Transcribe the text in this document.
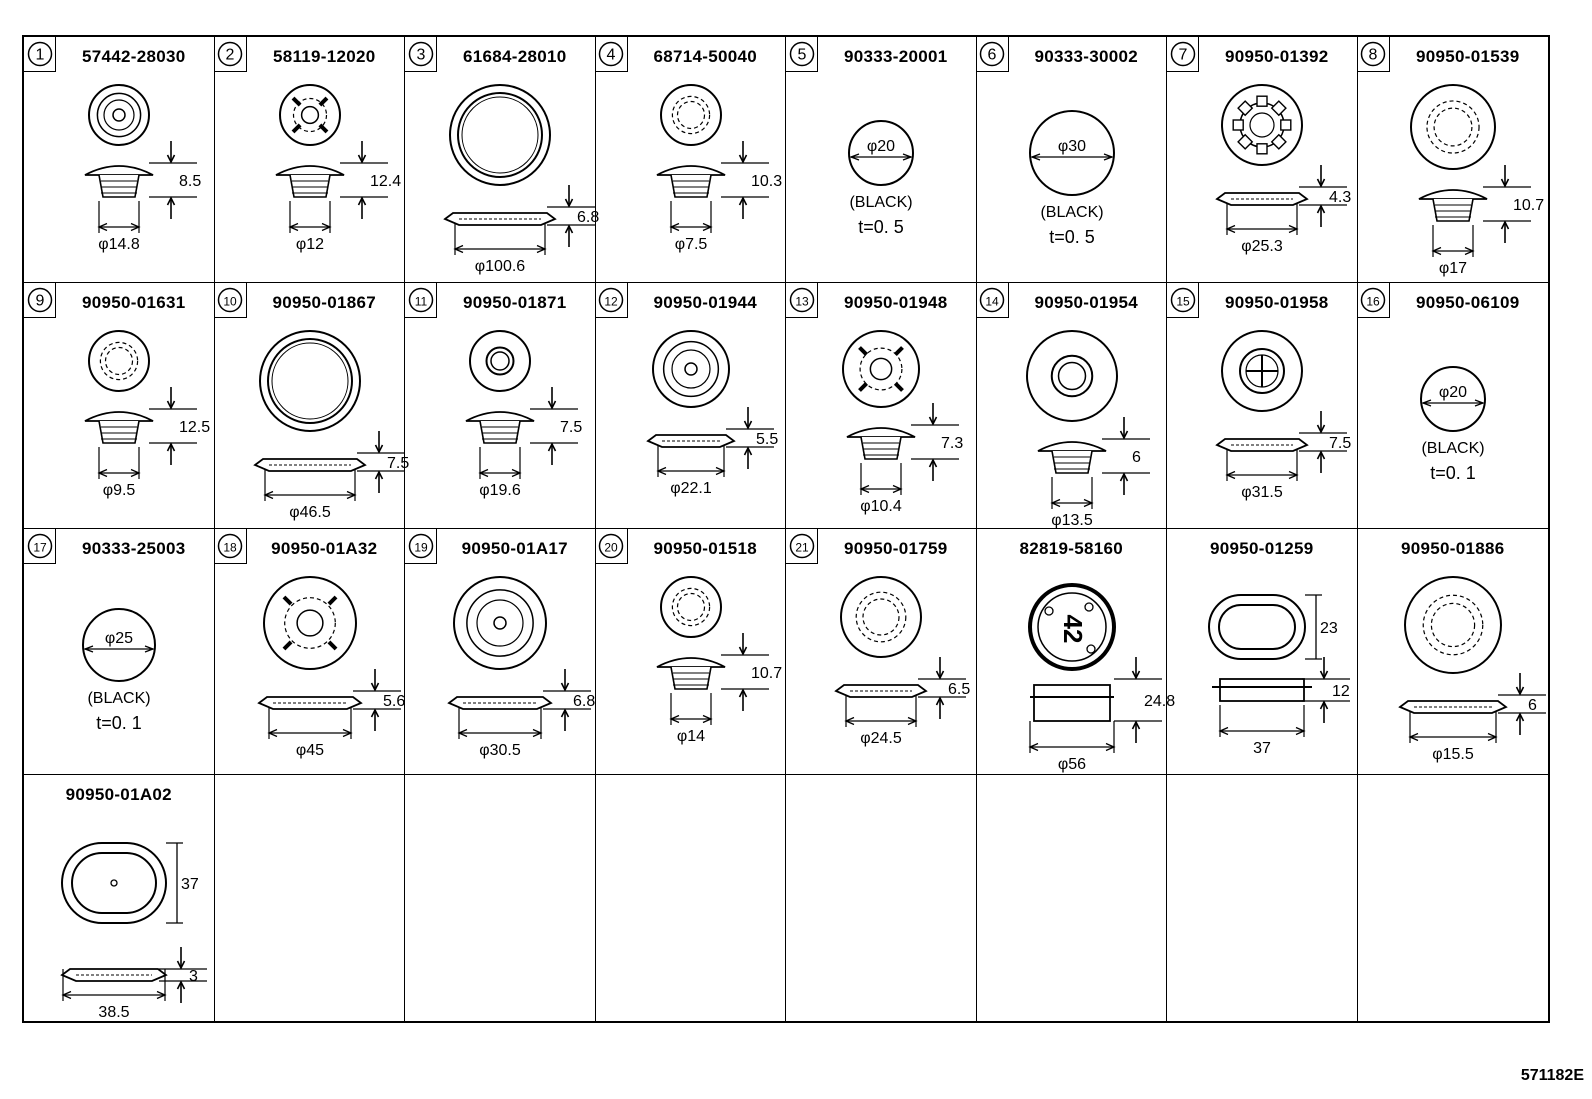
1	57442-28030
8.5
φ14.8
2	58119-12020
12.4
φ12
3	61684-28010
6.8
φ100.6
4	68714-50040
10.3
φ7.5
5	90333-20001
φ20
(BLACK)
t=0. 5
6	90333-30002
φ30
(BLACK)
t=0. 5
7	90950-01392
4.3
φ25.3
8	90950-01539
10.7
φ17
9	90950-01631
12.5
φ9.5
10	90950-01867
7.5
φ46.5
11	90950-01871
7.5
φ19.6
12	90950-01944
5.5
φ22.1
13	90950-01948
7.3
φ10.4
14	90950-01954
6
φ13.5
15	90950-01958
7.5
φ31.5
16	90950-06109
φ20
(BLACK)
t=0. 1
17	90333-25003
φ25
(BLACK)
t=0. 1
18	90950-01A32
5.6
φ45
19	90950-01A17
6.8
φ30.5
20	90950-01518
10.7
φ14
21	90950-01759
6.5
φ24.5
82819-58160
42
24.8
φ56
90950-01259
23
12
37
90950-01886
6
φ15.5
90950-01A02
37
3
38.5
571182E
